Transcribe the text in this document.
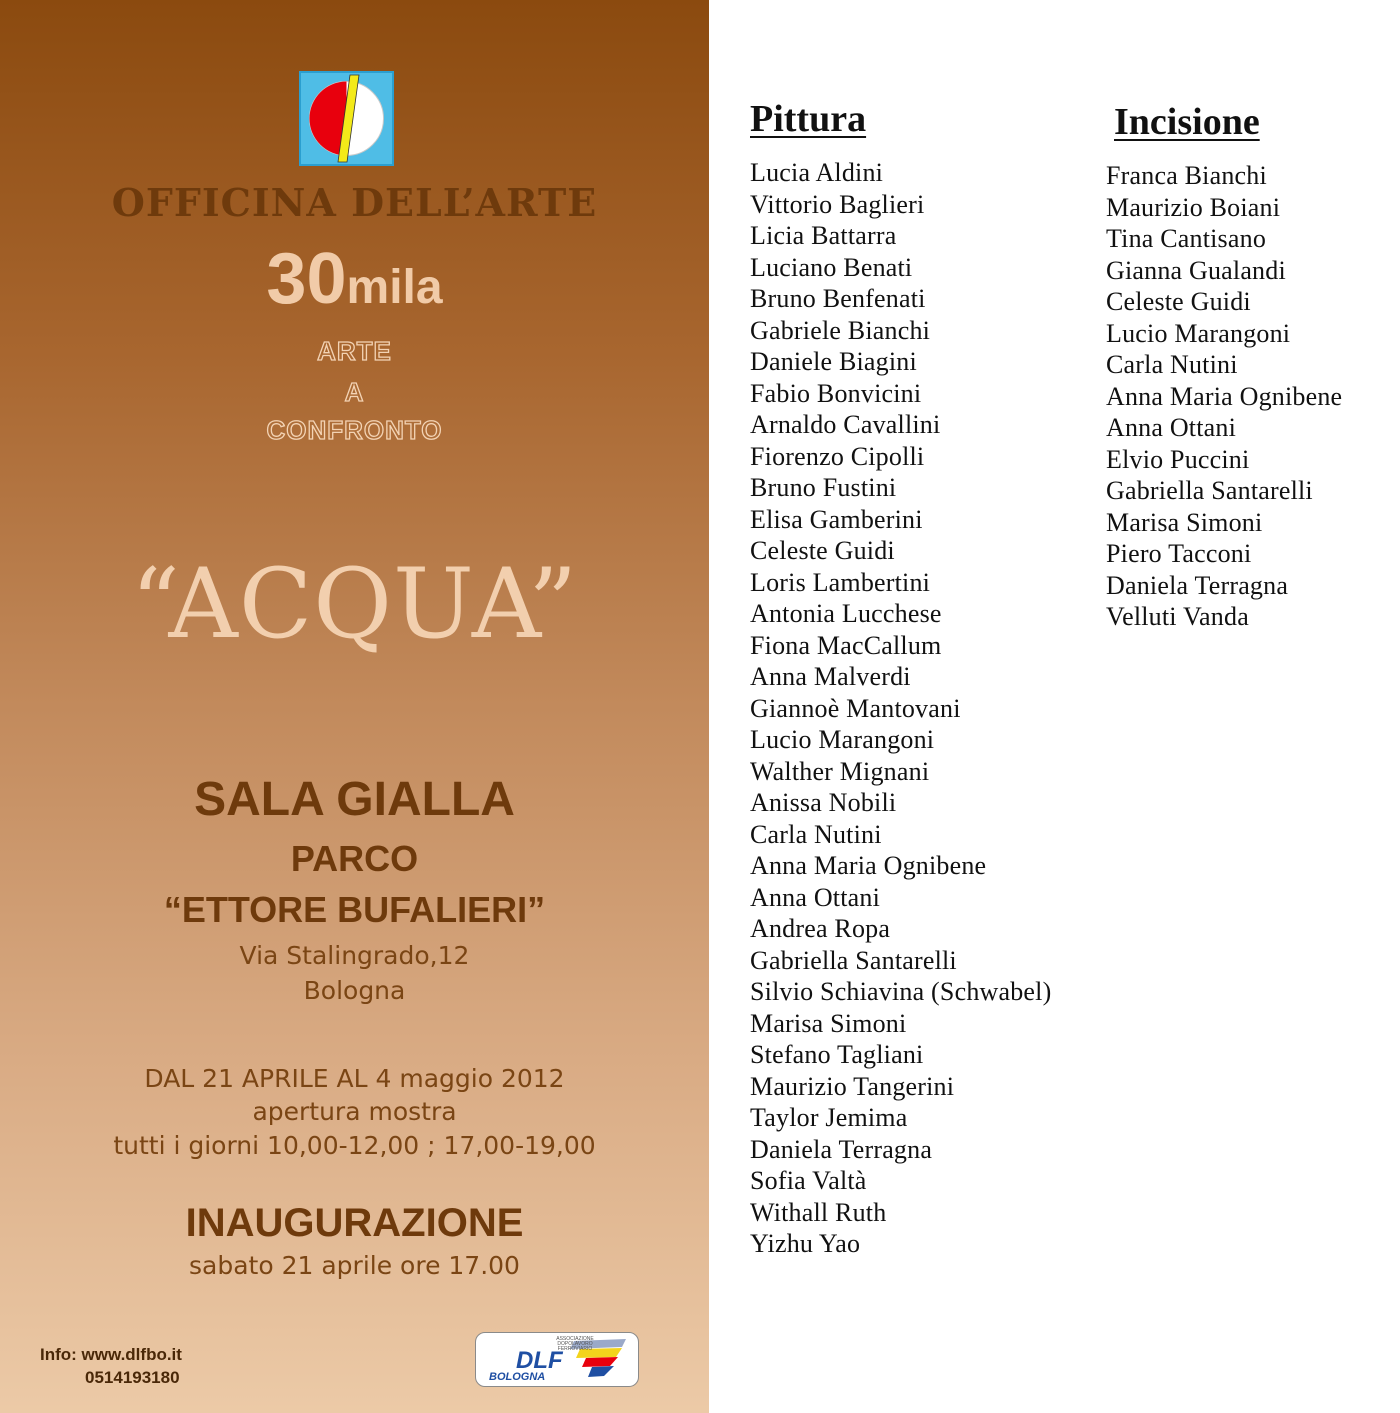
OFFICINA DELL’ARTE
30mila
ARTE
A
CONFRONTO
“ACQUA”
SALA GIALLA
PARCO
“ETTORE BUFALIERI”
Via Stalingrado,12
Bologna
DAL 21 APRILE AL 4 maggio 2012
apertura mostra
tutti i giorni 10,00-12,00 ; 17,00-19,00
INAUGURAZIONE
sabato 21 aprile ore 17.00
Info: www.dlfbo.it
0514193180
ASSOCIAZIONE DOPOLAVORO FERROVIARIO
DLF
BOLOGNA
Pittura
Lucia Aldini
Vittorio Baglieri
Licia Battarra
Luciano Benati
Bruno Benfenati
Gabriele Bianchi
Daniele Biagini
Fabio Bonvicini
Arnaldo Cavallini
Fiorenzo Cipolli
Bruno Fustini
Elisa Gamberini
Celeste Guidi
Loris Lambertini
Antonia Lucchese
Fiona MacCallum
Anna Malverdi
Giannoè Mantovani
Lucio Marangoni
Walther Mignani
Anissa Nobili
Carla Nutini
Anna Maria Ognibene
Anna Ottani
Andrea Ropa
Gabriella Santarelli
Silvio Schiavina (Schwabel)
Marisa Simoni
Stefano Tagliani
Maurizio Tangerini
Taylor Jemima
Daniela Terragna
Sofia Valtà
Withall Ruth
Yizhu Yao
Incisione
Franca Bianchi
Maurizio Boiani
Tina Cantisano
Gianna Gualandi
Celeste Guidi
Lucio Marangoni
Carla Nutini
Anna Maria Ognibene
Anna Ottani
Elvio Puccini
Gabriella Santarelli
Marisa Simoni
Piero Tacconi
Daniela Terragna
Velluti Vanda
